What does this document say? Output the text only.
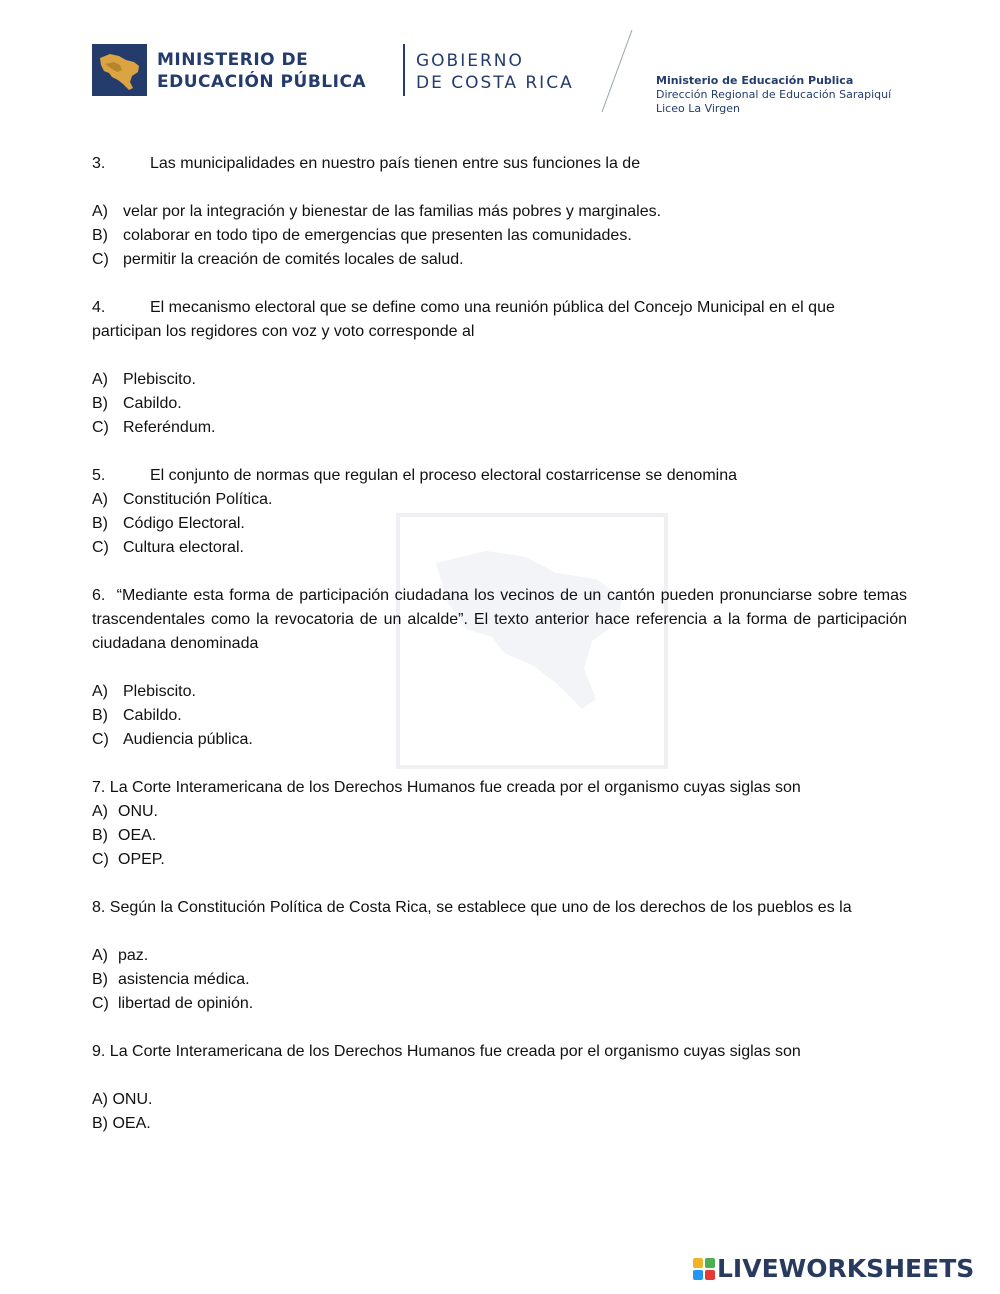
MINISTERIO DE
EDUCACIÓN PÚBLICA
GOBIERNO
DE COSTA RICA	Ministerio de Educación Publica
Dirección Regional de Educación Sarapiquí
Liceo La Virgen

3.	Las municipalidades en nuestro país tienen entre sus funciones la de

A) velar por la integración y bienestar de las familias más pobres y marginales.

B) colaborar en todo tipo de emergencias que presenten las comunidades.

C) permitir la creación de comités locales de salud.

4.	El mecanismo electoral que se define como una reunión pública del Concejo Municipal en el que

participan los regidores con voz y voto corresponde al

A) Plebiscito.

B) Cabildo.

C) Referéndum.

5.	El conjunto de normas que regulan el proceso electoral costarricense se denomina

A) Constitución Política.

B) Código Electoral.

C) Cultura electoral.

6. “Mediante esta forma de participación ciudadana los vecinos de un cantón pueden pronunciarse sobre temas trascendentales como la revocatoria de un alcalde”. El texto anterior hace referencia a la forma de participación ciudadana denominada

A) Plebiscito.

B) Cabildo.

C) Audiencia pública.

7. La Corte Interamericana de los Derechos Humanos fue creada por el organismo cuyas siglas son

A) ONU.

B) OEA.

C) OPEP.

8. Según la Constitución Política de Costa Rica, se establece que uno de los derechos de los pueblos es la

A) paz.

B) asistencia médica.

C) libertad de opinión.

9. La Corte Interamericana de los Derechos Humanos fue creada por el organismo cuyas siglas son

A) ONU.

B) OEA.

LIVEWORKSHEETS
